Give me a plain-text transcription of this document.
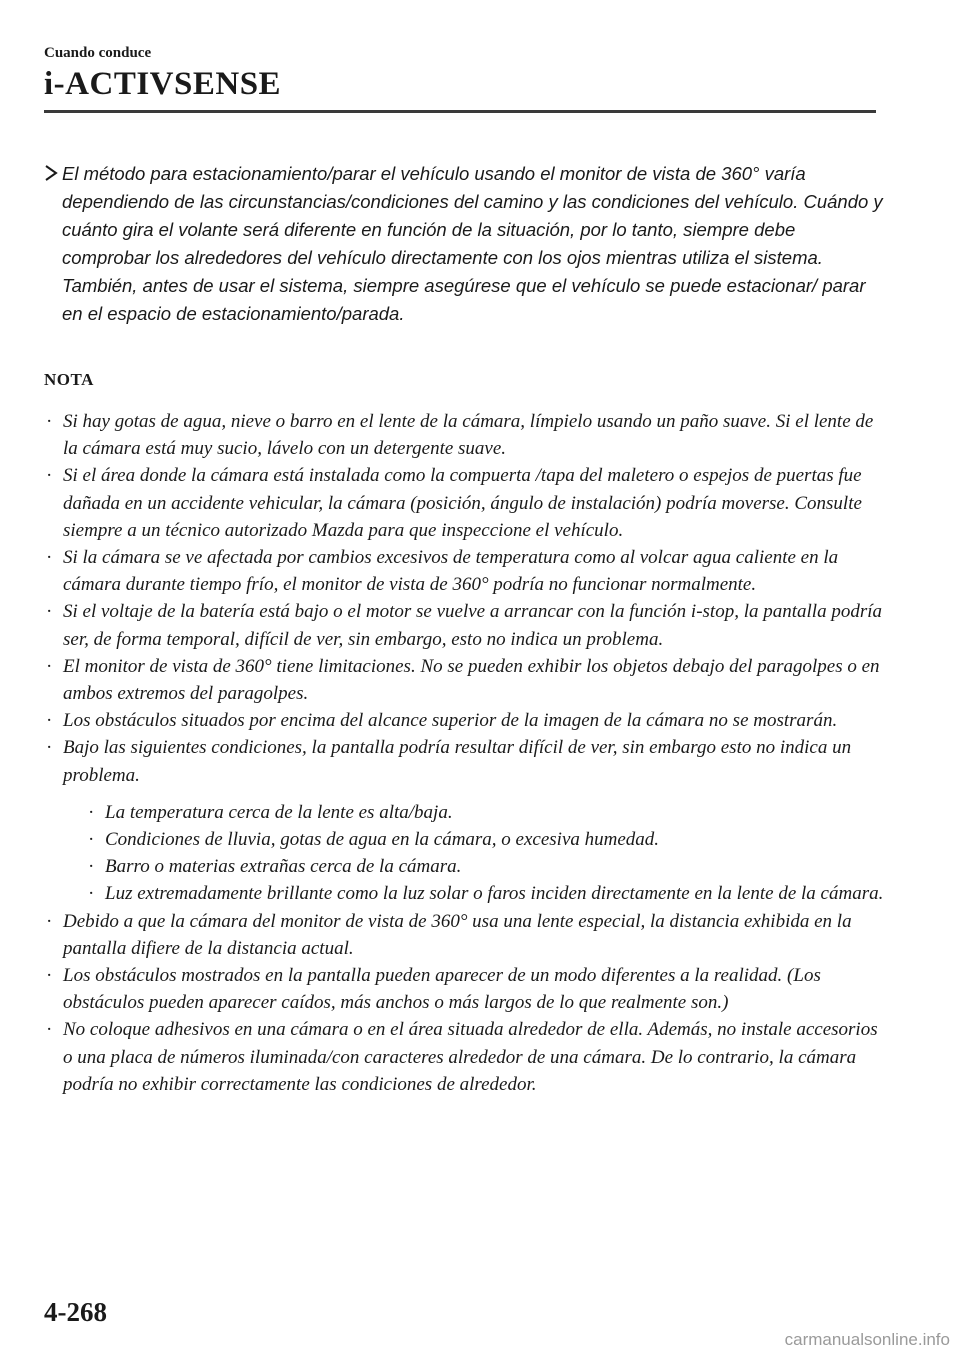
Cuando conduce
i-ACTIVSENSE
El método para estacionamiento/parar el vehículo usando el monitor de vista de 360° varía dependiendo de las circunstancias/condiciones del camino y las condiciones del vehículo. Cuándo y cuánto gira el volante será diferente en función de la situación, por lo tanto, siempre debe comprobar los alrededores del vehículo directamente con los ojos mientras utiliza el sistema.
También, antes de usar el sistema, siempre asegúrese que el vehículo se puede estacionar/ parar en el espacio de estacionamiento/parada.
NOTA
· Si hay gotas de agua, nieve o barro en el lente de la cámara, límpielo usando un paño suave. Si el lente de la cámara está muy sucio, lávelo con un detergente suave.
· Si el área donde la cámara está instalada como la compuerta /tapa del maletero o espejos de puertas fue dañada en un accidente vehicular, la cámara (posición, ángulo de instalación) podría moverse. Consulte siempre a un técnico autorizado Mazda para que inspeccione el vehículo.
· Si la cámara se ve afectada por cambios excesivos de temperatura como al volcar agua caliente en la cámara durante tiempo frío, el monitor de vista de 360° podría no funcionar normalmente.
· Si el voltaje de la batería está bajo o el motor se vuelve a arrancar con la función i-stop, la pantalla podría ser, de forma temporal, difícil de ver, sin embargo, esto no indica un problema.
· El monitor de vista de 360° tiene limitaciones. No se pueden exhibir los objetos debajo del paragolpes o en ambos extremos del paragolpes.
· Los obstáculos situados por encima del alcance superior de la imagen de la cámara no se mostrarán.
· Bajo las siguientes condiciones, la pantalla podría resultar difícil de ver, sin embargo esto no indica un problema.
· La temperatura cerca de la lente es alta/baja.
· Condiciones de lluvia, gotas de agua en la cámara, o excesiva humedad.
· Barro o materias extrañas cerca de la cámara.
· Luz extremadamente brillante como la luz solar o faros inciden directamente en la lente de la cámara.
· Debido a que la cámara del monitor de vista de 360° usa una lente especial, la distancia exhibida en la pantalla difiere de la distancia actual.
· Los obstáculos mostrados en la pantalla pueden aparecer de un modo diferentes a la realidad. (Los obstáculos pueden aparecer caídos, más anchos o más largos de lo que realmente son.)
· No coloque adhesivos en una cámara o en el área situada alrededor de ella. Además, no instale accesorios o una placa de números iluminada/con caracteres alrededor de una cámara. De lo contrario, la cámara podría no exhibir correctamente las condiciones de alrededor.
4-268
carmanualsonline.info
